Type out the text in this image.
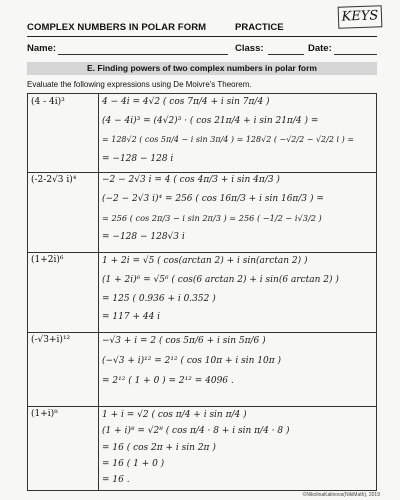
COMPLEX NUMBERS IN POLAR FORM	PRACTICE
KEYS
Name:	Class:	Date:
E. Finding powers of two complex numbers in polar form
Evaluate the following expressions using De Moivre's Theorem.
(4 - 4i)³	4 − 4i = 4√2 ( cos 7π/4 + i sin 7π/4 )
(4 − 4i)³ = (4√2)³ · ( cos 21π/4 + i sin 21π/4 ) =
= 128√2 ( cos 5π/4 − i sin 3π/4 ) = 128√2 ( −√2/2 − √2/2 i ) =
= −128 − 128 i
(-2-2√3 i)⁴	−2 − 2√3 i = 4 ( cos 4π/3 + i sin 4π/3 )
(−2 − 2√3 i)⁴ = 256 ( cos 16π/3 + i sin 16π/3 ) =
= 256 ( cos 2π/3 − i sin 2π/3 ) = 256 ( −1/2 − i√3/2 )
= −128 − 128√3 i
(1+2i)⁶	1 + 2i = √5 ( cos(arctan 2) + i sin(arctan 2) )
(1 + 2i)⁶ = √5⁶ ( cos(6 arctan 2) + i sin(6 arctan 2) )
= 125 ( 0.936 + i 0.352 )
= 117 + 44 i
(-√3+i)¹²	−√3 + i = 2 ( cos 5π/6 + i sin 5π/6 )
(−√3 + i)¹² = 2¹² ( cos 10π + i sin 10π )
= 2¹² ( 1 + 0 ) = 2¹² = 4096 .
(1+i)⁸	1 + i = √2 ( cos π/4 + i sin π/4 )
(1 + i)⁸ = √2⁸ ( cos π/4 · 8 + i sin π/4 · 8 )
= 16 ( cos 2π + i sin 2π )
= 16 ( 1 + 0 )
= 16 .
©NikolinaKalinova(NikiMath), 2019
